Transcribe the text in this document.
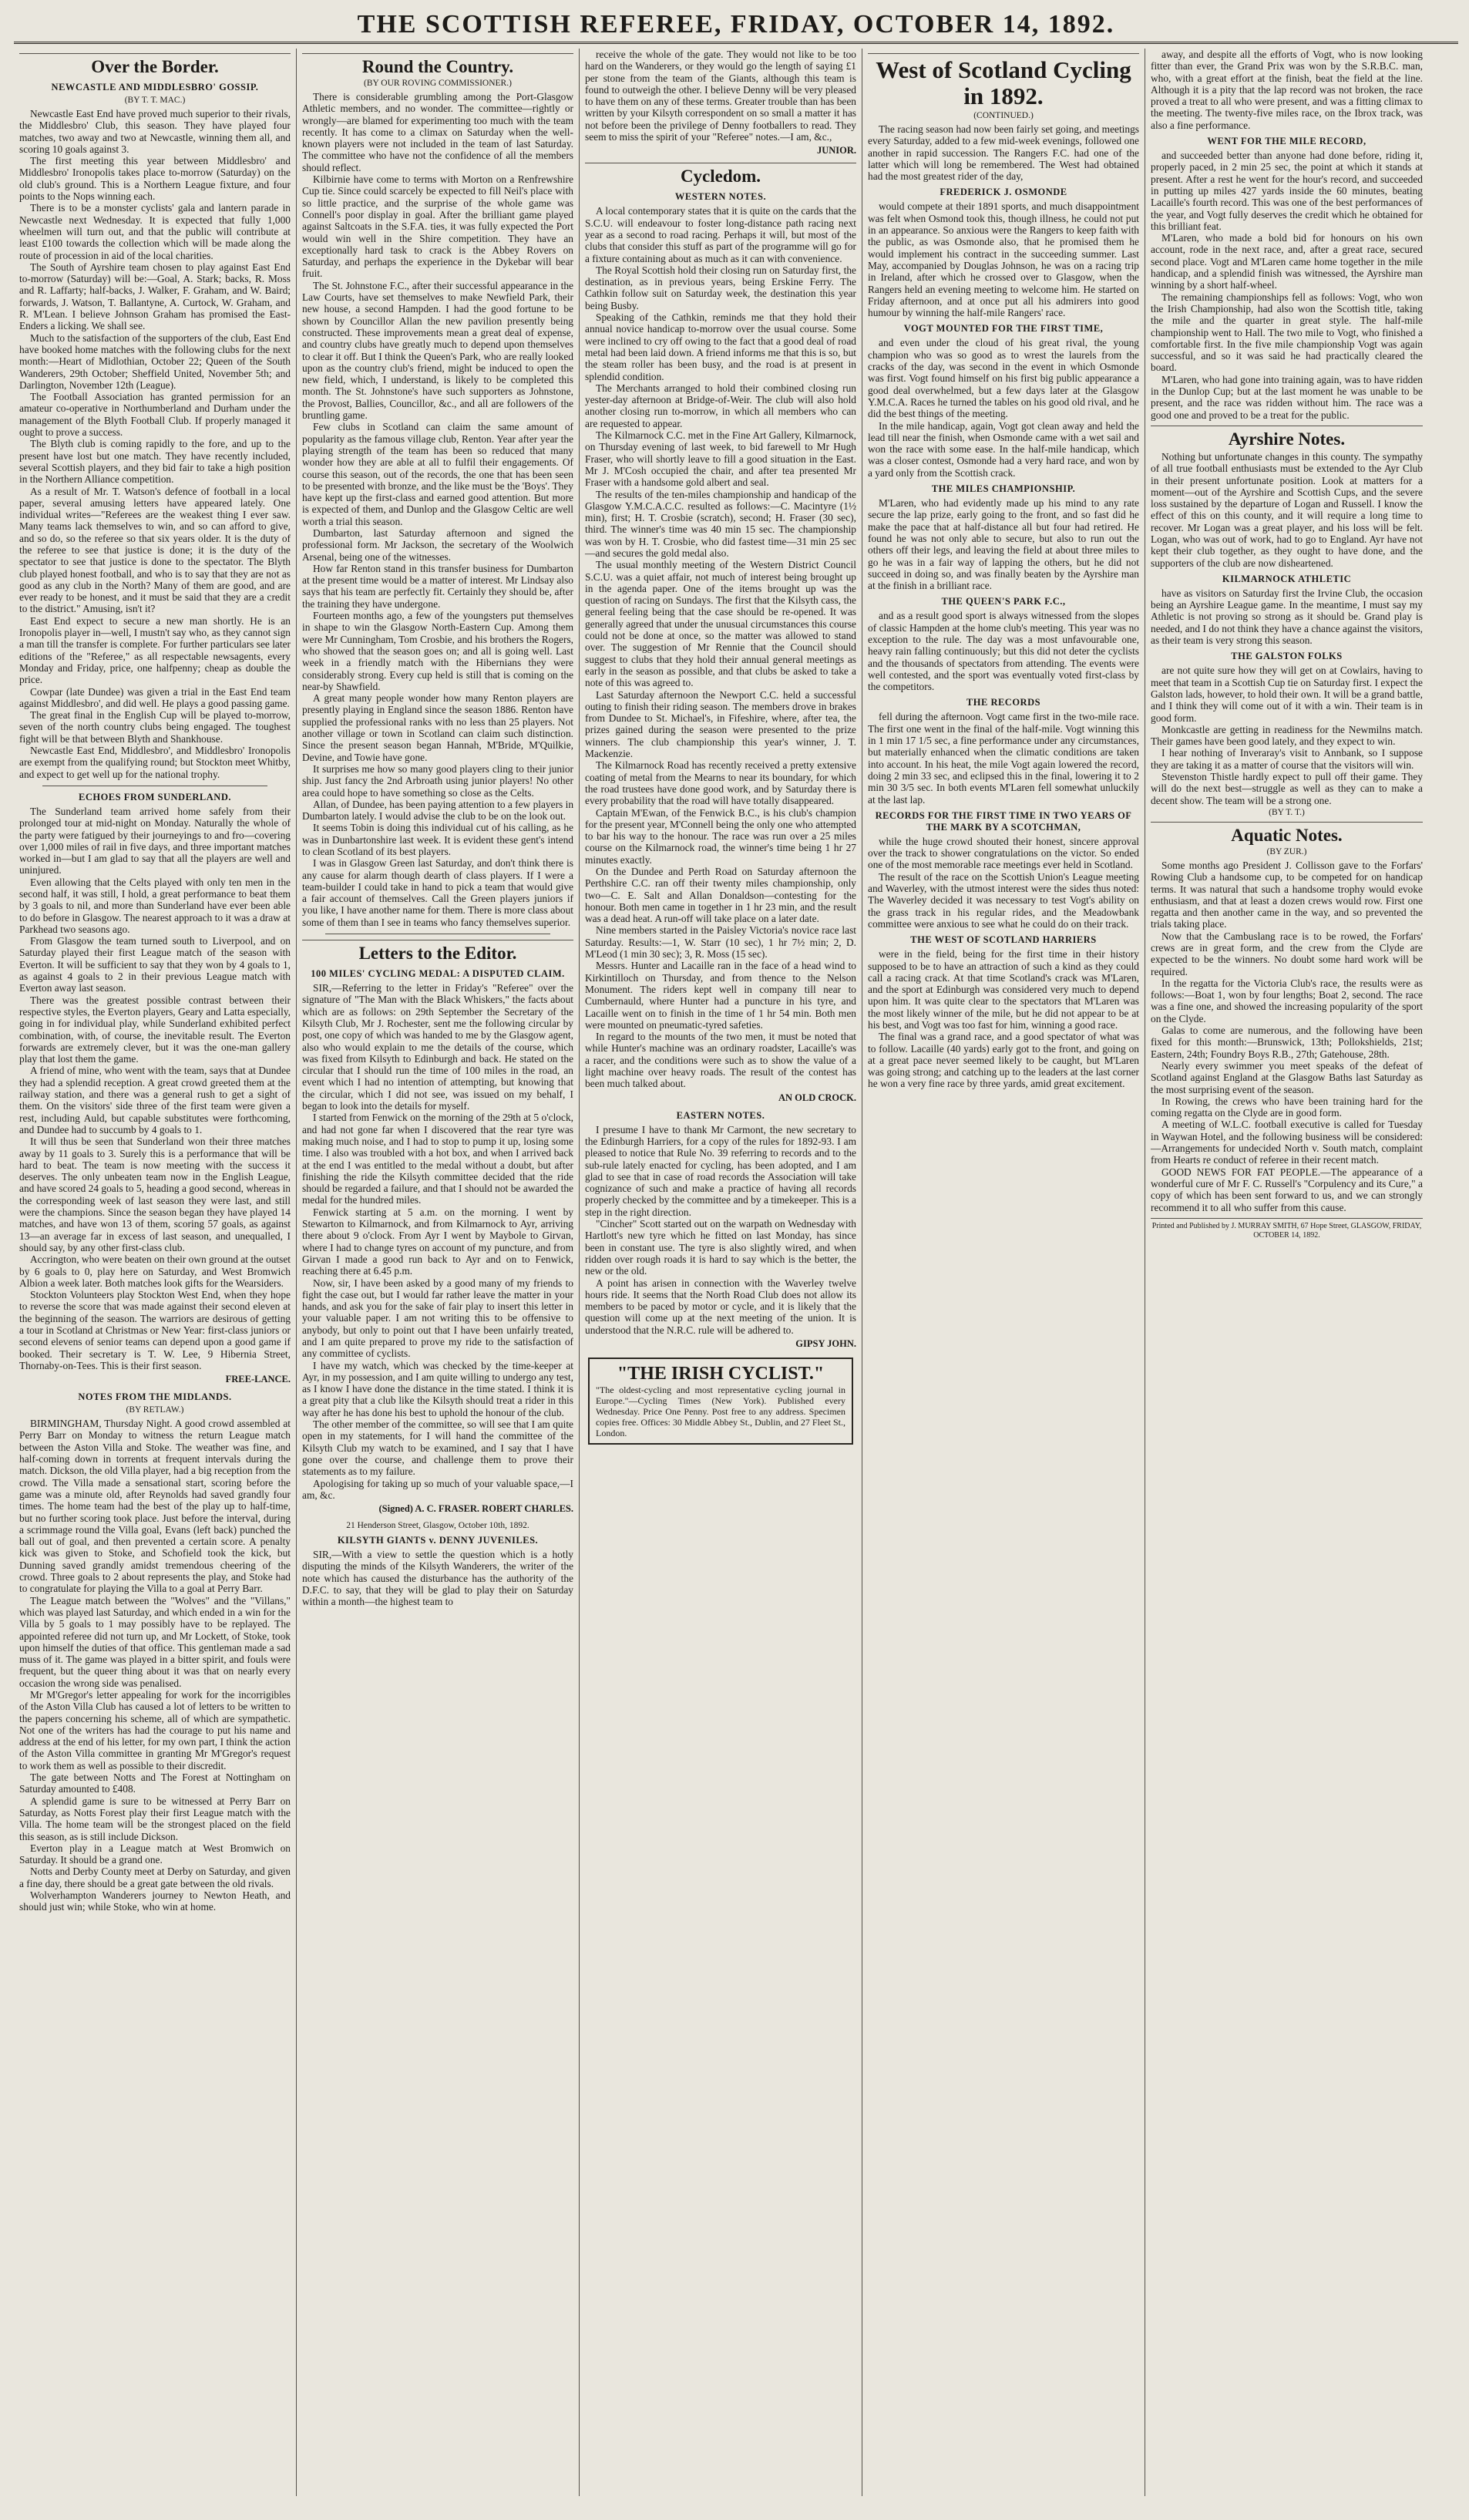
THE SCOTTISH REFEREE, FRIDAY, OCTOBER 14, 1892.
Over the Border.
NEWCASTLE AND MIDDLESBRO' GOSSIP.
(BY T. T. MAC.)

Newcastle East End have proved much superior to their rivals, the Middlesbro' Club, this season. They have played four matches, two away and two at Newcastle, winning them all, and scoring 10 goals against 3.

The first meeting this year between Middlesbro' and Middlesbro' Ironopolis takes place to-morrow (Saturday) on the old club's ground. This is a Northern League fixture, and four points to the Nops winning each.

There is to be a monster cyclists' gala and lantern parade in Newcastle next Wednesday. It is expected that fully 1,000 wheelmen will turn out, and that the public will contribute at least £100 towards the collection which will be made along the route of procession in aid of the local charities.

The South of Ayrshire team chosen to play against East End to-morrow (Saturday) will be:—Goal, A. Stark; backs, R. Moss and R. Laffarty; half-backs, J. Walker, F. Graham, and W. Baird; forwards, J. Watson, T. Ballantyne, A. Curtock, W. Graham, and R. M'Lean. I believe Johnson Graham has promised the East-Enders a licking. We shall see.

Much to the satisfaction of the supporters of the club, East End have booked home matches with the following clubs for the next month:—Heart of Midlothian, October 22; Queen of the South Wanderers, 29th October; Sheffield United, November 5th; and Darlington, November 12th (League).

The Football Association has granted permission for an amateur co-operative in Northumberland and Durham under the management of the Blyth Football Club. If properly managed it ought to prove a success.

The Blyth club is coming rapidly to the fore, and up to the present have lost but one match. They have recently included, several Scottish players, and they bid fair to take a high position in the Northern Alliance competition.

As a result of Mr. T. Watson's defence of football in a local paper, several amusing letters have appeared lately. One individual writes—"Referees are the weakest thing I ever saw. Many teams lack themselves to win, and so can afford to give, and so do, so the referee so that six years older. It is the duty of the referee to see that justice is done; it is the duty of the spectator to see that justice is done to the spectator. The Blyth club played honest football, and who is to say that they are not as good as any club in the North? Many of them are good, and are ever ready to be honest, and it must be said that they are a credit to the district." Amusing, isn't it?

East End expect to secure a new man shortly. He is an Ironopolis player in—well, I mustn't say who, as they cannot sign a man till the transfer is complete. For further particulars see later editions of the "Referee," as all respectable newsagents, every Monday and Friday, price, one halfpenny; cheap as double the price.

Cowpar (late Dundee) was given a trial in the East End team against Middlesbro', and did well. He plays a good passing game.

The great final in the English Cup will be played to-morrow, seven of the north country clubs being engaged. The toughest fight will be that between Blyth and Shankhouse.

Newcastle East End, Middlesbro', and Middlesbro' Ironopolis are exempt from the qualifying round; but Stockton meet Whitby, and expect to get well up for the national trophy.

ECHOES FROM SUNDERLAND.

The Sunderland team arrived home safely from their prolonged tour at mid-night on Monday. Naturally the whole of the party were fatigued by their journeyings to and fro—covering over 1,000 miles of rail in five days, and three important matches worked in—but I am glad to say that all the players are well and uninjured.

Even allowing that the Celts played with only ten men in the second half, it was still, I hold, a great performance to beat them by 3 goals to nil, and more than Sunderland have ever been able to do before in Glasgow. The nearest approach to it was a draw at Parkhead two seasons ago.

From Glasgow the team turned south to Liverpool, and on Saturday played their first League match of the season with Everton. It will be sufficient to say that they won by 4 goals to 1, as against 4 goals to 2 in their previous League match with Everton away last season.

There was the greatest possible contrast between their respective styles, the Everton players, Geary and Latta especially, going in for individual play, while Sunderland exhibited perfect combination, with, of course, the inevitable result. The Everton forwards are extremely clever, but it was the one-man gallery play that lost them the game.

A friend of mine, who went with the team, says that at Dundee they had a splendid reception. A great crowd greeted them at the railway station, and there was a general rush to get a sight of them. On the visitors' side three of the first team were given a rest, including Auld, but capable substitutes were forthcoming, and Dundee had to succumb by 4 goals to 1.

It will thus be seen that Sunderland won their three matches away by 11 goals to 3. Surely this is a performance that will be hard to beat. The team is now meeting with the success it deserves. The only unbeaten team now in the English League, and have scored 24 goals to 5, heading a good second, whereas in the corresponding week of last season they were last, and still were the champions. Since the season began they have played 14 matches, and have won 13 of them, scoring 57 goals, as against 13—an average far in excess of last season, and unequalled, I should say, by any other first-class club.

Accrington, who were beaten on their own ground at the outset by 6 goals to 0, play here on Saturday, and West Bromwich Albion a week later. Both matches look gifts for the Wearsiders.

Stockton Volunteers play Stockton West End, when they hope to reverse the score that was made against their second eleven at the beginning of the season. The warriors are desirous of getting a tour in Scotland at Christmas or New Year: first-class juniors or second elevens of senior teams can depend upon a good game if booked. Their secretary is T. W. Lee, 9 Hibernia Street, Thornaby-on-Tees. This is their first season.

FREE-LANCE.
NOTES FROM THE MIDLANDS.
(BY RETLAW.)

BIRMINGHAM, Thursday Night. A good crowd assembled at Perry Barr on Monday to witness the return League match between the Aston Villa and Stoke. The weather was fine, and half-coming down in torrents at frequent intervals during the match. Dickson, the old Villa player, had a big reception from the crowd. The Villa made a sensational start, scoring before the game was a minute old, after Reynolds had saved grandly four times. The home team had the best of the play up to half-time, but no further scoring took place. Just before the interval, during a scrimmage round the Villa goal, Evans (left back) punched the ball out of goal, and then prevented a certain score. A penalty kick was given to Stoke, and Schofield took the kick, but Dunning saved grandly amidst tremendous cheering of the crowd. Three goals to 2 about represents the play, and Stoke had to congratulate for playing the Villa to a goal at Perry Barr.

The League match between the "Wolves" and the "Villans," which was played last Saturday, and which ended in a win for the Villa by 5 goals to 1 may possibly have to be replayed. The appointed referee did not turn up, and Mr Lockett, of Stoke, took upon himself the duties of that office. This gentleman made a sad muss of it. The game was played in a bitter spirit, and fouls were frequent, but the queer thing about it was that on nearly every occasion the wrong side was penalised.

Mr M'Gregor's letter appealing for work for the incorrigibles of the Aston Villa Club has caused a lot of letters to be written to the papers concerning his scheme, all of which are sympathetic. Not one of the writers has had the courage to put his name and address at the end of his letter, for my own part, I think the action of the Aston Villa committee in granting Mr M'Gregor's request to work them as well as possible to their discredit.

The gate between Notts and The Forest at Nottingham on Saturday amounted to £408.

A splendid game is sure to be witnessed at Perry Barr on Saturday, as Notts Forest play their first League match with the Villa. The home team will be the strongest placed on the field this season, as is still include Dickson.

Everton play in a League match at West Bromwich on Saturday. It should be a grand one.

Notts and Derby County meet at Derby on Saturday, and given a fine day, there should be a great gate between the old rivals.

Wolverhampton Wanderers journey to Newton Heath, and should just win; while Stoke, who win at home.

Round the Country.
(BY OUR ROVING COMMISSIONER.)

There is considerable grumbling among the Port-Glasgow Athletic members, and no wonder. The committee—rightly or wrongly—are blamed for experimenting too much with the team recently. It has come to a climax on Saturday when the well-known players were not included in the team of last Saturday. The committee who have not the confidence of all the members should reflect.

Kilbirnie have come to terms with Morton on a Renfrewshire Cup tie. Since could scarcely be expected to fill Neil's place with so little practice, and the surprise of the whole game was Connell's poor display in goal. After the brilliant game played against Saltcoats in the S.F.A. ties, it was fully expected the Port would win well in the Shire competition. They have an exceptionally hard task to crack is the Abbey Rovers on Saturday, and perhaps the experience in the Dykebar will bear fruit.

The St. Johnstone F.C., after their successful appearance in the Law Courts, have set themselves to make Newfield Park, their new house, a second Hampden. I had the good fortune to be shown by Councillor Allan the new pavilion presently being constructed. These improvements mean a great deal of expense, and country clubs have greatly much to depend upon themselves to clear it off. But I think the Queen's Park, who are really looked upon as the country club's friend, might be induced to open the new field, which, I understand, is likely to be completed this month. The St. Johnstone's have such supporters as Johnstone, the Provost, Ballies, Councillor, &c., and all are followers of the bruntling game.

Few clubs in Scotland can claim the same amount of popularity as the famous village club, Renton. Year after year the playing strength of the team has been so reduced that many wonder how they are able at all to fulfil their engagements. Of course this season, out of the records, the one that has been seen to be presented with bronze, and the like must be the 'Boys'. They have kept up the first-class and earned good attention. But more is expected of them, and Dunlop and the Glasgow Celtic are well worth a trial this season.

Dumbarton, last Saturday afternoon and signed the professional form. Mr Jackson, the secretary of the Woolwich Arsenal, being one of the witnesses.

How far Renton stand in this transfer business for Dumbarton at the present time would be a matter of interest. Mr Lindsay also says that his team are perfectly fit. Certainly they should be, after the training they have undergone.

Fourteen months ago, a few of the youngsters put themselves in shape to win the Glasgow North-Eastern Cup. Among them were Mr Cunningham, Tom Crosbie, and his brothers the Rogers, who showed that the season goes on; and all is going well. Last week in a friendly match with the Hibernians they were considerably strong. Every cup held is still that is coming on the near-by Shawfield.

A great many people wonder how many Renton players are presently playing in England since the season 1886. Renton have supplied the professional ranks with no less than 25 players. Not another village or town in Scotland can claim such distinction. Since the present season began Hannah, M'Bride, M'Quilkie, Devine, and Towie have gone.

It surprises me how so many good players cling to their junior ship. Just fancy the 2nd Arbroath using junior players! No other area could hope to have something so close as the Celts.

Allan, of Dundee, has been paying attention to a few players in Dumbarton lately. I would advise the club to be on the look out.

It seems Tobin is doing this individual cut of his calling, as he was in Dunbartonshire last week. It is evident these gent's intend to clean Scotland of its best players.

I was in Glasgow Green last Saturday, and don't think there is any cause for alarm though dearth of class players. If I were a team-builder I could take in hand to pick a team that would give a fair account of themselves. Call the Green players juniors if you like, I have another name for them. There is more class about some of them than I see in teams who fancy themselves superior.

Letters to the Editor.
100 MILES' CYCLING MEDAL: A DISPUTED CLAIM.

SIR,—Referring to the letter in Friday's "Referee" over the signature of "The Man with the Black Whiskers," the facts about which are as follows: on 29th September the Secretary of the Kilsyth Club, Mr J. Rochester, sent me the following circular by post, one copy of which was handed to me by the Glasgow agent, also who would explain to me the details of the course, which was fixed from Kilsyth to Edinburgh and back. He stated on the circular that I should run the time of 100 miles in the road, an event which I had no intention of attempting, but knowing that the circular, which I did not see, was issued on my behalf, I began to look into the details for myself.

I started from Fenwick on the morning of the 29th at 5 o'clock, and had not gone far when I discovered that the rear tyre was making much noise, and I had to stop to pump it up, losing some time. I also was troubled with a hot box, and when I arrived back at the end I was entitled to the medal without a doubt, but after finishing the ride the Kilsyth committee decided that the ride should be regarded a failure, and that I should not be awarded the medal for the hundred miles.

Fenwick starting at 5 a.m. on the morning. I went by Stewarton to Kilmarnock, and from Kilmarnock to Ayr, arriving there about 9 o'clock. From Ayr I went by Maybole to Girvan, where I had to change tyres on account of my puncture, and from Girvan I made a good run back to Ayr and on to Fenwick, reaching there at 6.45 p.m.

Now, sir, I have been asked by a good many of my friends to fight the case out, but I would far rather leave the matter in your hands, and ask you for the sake of fair play to insert this letter in your valuable paper. I am not writing this to be offensive to anybody, but only to point out that I have been unfairly treated, and I am quite prepared to prove my ride to the satisfaction of any committee of cyclists.

I have my watch, which was checked by the time-keeper at Ayr, in my possession, and I am quite willing to undergo any test, as I know I have done the distance in the time stated. I think it is a great pity that a club like the Kilsyth should treat a rider in this way after he has done his best to uphold the honour of the club.

The other member of the committee, so will see that I am quite open in my statements, for I will hand the committee of the Kilsyth Club my watch to be examined, and I say that I have gone over the course, and challenge them to prove their statements as to my failure.

Apologising for taking up so much of your valuable space,—I am, &c.

(Signed) A. C. FRASER. ROBERT CHARLES.
21 Henderson Street, Glasgow, October 10th, 1892.
KILSYTH GIANTS v. DENNY JUVENILES.

SIR,—With a view to settle the question which is a hotly disputing the minds of the Kilsyth Wanderers, the writer of the note which has caused the disturbance has the authority of the D.F.C. to say, that they will be glad to play their on Saturday within a month—the highest team to

receive the whole of the gate. They would not like to be too hard on the Wanderers, or they would go the length of saying £1 per stone from the team of the Giants, although this team is found to outweigh the other. I believe Denny will be very pleased to have them on any of these terms. Greater trouble than has been written by your Kilsyth correspondent on so small a matter it has not before been the privilege of Denny footballers to read. They seem to miss the spirit of your "Referee" notes.—I am, &c.,

JUNIOR.
Cycledom.
WESTERN NOTES.

A local contemporary states that it is quite on the cards that the S.C.U. will endeavour to foster long-distance path racing next year as a second to road racing. Perhaps it will, but most of the clubs that consider this stuff as part of the programme will go for a fixture containing about as much as it can with convenience.

The Royal Scottish hold their closing run on Saturday first, the destination, as in previous years, being Erskine Ferry. The Cathkin follow suit on Saturday week, the destination this year being Busby.

Speaking of the Cathkin, reminds me that they hold their annual novice handicap to-morrow over the usual course. Some were inclined to cry off owing to the fact that a good deal of road metal had been laid down. A friend informs me that this is so, but the steam roller has been busy, and the road is at present in splendid condition.

The Merchants arranged to hold their combined closing run yester-day afternoon at Bridge-of-Weir. The club will also hold another closing run to-morrow, in which all members who can are requested to appear.

The Kilmarnock C.C. met in the Fine Art Gallery, Kilmarnock, on Thursday evening of last week, to bid farewell to Mr Hugh Fraser, who will shortly leave to fill a good situation in the East. Mr J. M'Cosh occupied the chair, and after tea presented Mr Fraser with a handsome gold albert and seal.

The results of the ten-miles championship and handicap of the Glasgow Y.M.C.A.C.C. resulted as follows:—C. Macintyre (1½ min), first; H. T. Crosbie (scratch), second; H. Fraser (30 sec), third. The winner's time was 40 min 15 sec. The championship was won by H. T. Crosbie, who did fastest time—31 min 25 sec—and secures the gold medal also.

The usual monthly meeting of the Western District Council S.C.U. was a quiet affair, not much of interest being brought up in the agenda paper. One of the items brought up was the question of racing on Sundays. The first that the Kilsyth cass, the general feeling being that the case should be re-opened. It was generally agreed that under the unusual circumstances this course could not be done at once, so the matter was allowed to stand over. The suggestion of Mr Rennie that the Council should suggest to clubs that they hold their annual general meetings as early in the season as possible, and that clubs be asked to take a note of this was agreed to.

Last Saturday afternoon the Newport C.C. held a successful outing to finish their riding season. The members drove in brakes from Dundee to St. Michael's, in Fifeshire, where, after tea, the prizes gained during the season were presented to the prize winners. The club championship this year's winner, J. T. Mackenzie.

The Kilmarnock Road has recently received a pretty extensive coating of metal from the Mearns to near its boundary, for which the road trustees have done good work, and by Saturday there is every probability that the road will have totally disappeared.

Captain M'Ewan, of the Fenwick B.C., is his club's champion for the present year, M'Connell being the only one who attempted to bar his way to the honour. The race was run over a 25 miles course on the Kilmarnock road, the winner's time being 1 hr 27 minutes exactly.

On the Dundee and Perth Road on Saturday afternoon the Perthshire C.C. ran off their twenty miles championship, only two—C. E. Salt and Allan Donaldson—contesting for the honour. Both men came in together in 1 hr 23 min, and the result was a dead heat. A run-off will take place on a later date.

Nine members started in the Paisley Victoria's novice race last Saturday. Results:—1, W. Starr (10 sec), 1 hr 7½ min; 2, D. M'Leod (1 min 30 sec); 3, R. Moss (15 sec).

Messrs. Hunter and Lacaille ran in the face of a head wind to Kirkintilloch on Thursday, and from thence to the Nelson Monument. The riders kept well in company till near to Cumbernauld, where Hunter had a puncture in his tyre, and Lacaille went on to finish in the time of 1 hr 54 min. Both men were mounted on pneumatic-tyred safeties.

In regard to the mounts of the two men, it must be noted that while Hunter's machine was an ordinary roadster, Lacaille's was a racer, and the conditions were such as to show the value of a light machine over heavy roads. The result of the contest has been much talked about.

AN OLD CROCK.
EASTERN NOTES.

I presume I have to thank Mr Carmont, the new secretary to the Edinburgh Harriers, for a copy of the rules for 1892-93. I am pleased to notice that Rule No. 39 referring to records and to the sub-rule lately enacted for cycling, has been adopted, and I am glad to see that in case of road records the Association will take cognizance of such and make a practice of having all records properly checked by the committee and by a timekeeper. This is a step in the right direction.

"Cincher" Scott started out on the warpath on Wednesday with Hartlott's new tyre which he fitted on last Monday, has since been in constant use. The tyre is also slightly wired, and when ridden over rough roads it is hard to say which is the better, the new or the old.

A point has arisen in connection with the Waverley twelve hours ride. It seems that the North Road Club does not allow its members to be paced by motor or cycle, and it is likely that the question will come up at the next meeting of the union. It is understood that the N.R.C. rule will be adhered to.

GIPSY JOHN.
"THE IRISH CYCLIST."
"The oldest-cycling and most representative cycling journal in Europe."—Cycling Times (New York). Published every Wednesday. Price One Penny. Post free to any address. Specimen copies free. Offices: 30 Middle Abbey St., Dublin, and 27 Fleet St., London.
West of Scotland Cycling in 1892.
(CONTINUED.)

The racing season had now been fairly set going, and meetings every Saturday, added to a few mid-week evenings, followed one another in rapid succession. The Rangers F.C. had one of the latter which will long be remembered. The West had obtained had the most greatest rider of the day,

FREDERICK J. OSMONDE

would compete at their 1891 sports, and much disappointment was felt when Osmond took this, though illness, he could not put in an appearance. So anxious were the Rangers to keep faith with the public, as was Osmonde also, that he promised them he would implement his contract in the succeeding summer. Last May, accompanied by Douglas Johnson, he was on a racing trip in Ireland, after which he crossed over to Glasgow, when the Rangers held an evening meeting to welcome him. He started on Friday afternoon, and at once put all his admirers into good humour by winning the half-mile Rangers' race.

VOGT MOUNTED FOR THE FIRST TIME,

and even under the cloud of his great rival, the young champion who was so good as to wrest the laurels from the cracks of the day, was second in the event in which Osmonde was first. Vogt found himself on his first big public appearance a good deal overwhelmed, but a few days later at the Glasgow Y.M.C.A. Races he turned the tables on his good old rival, and he did the best things of the meeting.

In the mile handicap, again, Vogt got clean away and held the lead till near the finish, when Osmonde came with a wet sail and won the race with some ease. In the half-mile handicap, which was a closer contest, Osmonde had a very hard race, and won by a yard only from the Scottish crack.

THE MILES CHAMPIONSHIP.

M'Laren, who had evidently made up his mind to any rate secure the lap prize, early going to the front, and so fast did he make the pace that at half-distance all but four had retired. He found he was not only able to secure, but also to run out the others off their legs, and leaving the field at about three miles to go he was in a fair way of lapping the others, but he did not succeed in doing so, and was finally beaten by the Ayrshire man at the finish in a brilliant race.

THE QUEEN'S PARK F.C.,

and as a result good sport is always witnessed from the slopes of classic Hampden at the home club's meeting. This year was no exception to the rule. The day was a most unfavourable one, heavy rain falling continuously; but this did not deter the cyclists and the thousands of spectators from attending. The events were well contested, and the sport was eventually voted first-class by the competitors.

THE RECORDS

fell during the afternoon. Vogt came first in the two-mile race. The first one went in the final of the half-mile. Vogt winning this in 1 min 17 1/5 sec, a fine performance under any circumstances, but materially enhanced when the climatic conditions are taken into account. In his heat, the mile Vogt again lowered the record, doing 2 min 33 sec, and eclipsed this in the final, lowering it to 2 min 30 3/5 sec. In both events M'Laren fell somewhat unluckily at the last lap.

RECORDS FOR THE FIRST TIME IN TWO YEARS OF THE MARK BY A SCOTCHMAN,

while the huge crowd shouted their honest, sincere approval over the track to shower congratulations on the victor. So ended one of the most memorable race meetings ever held in Scotland.

The result of the race on the Scottish Union's League meeting and Waverley, with the utmost interest were the sides thus noted: The Waverley decided it was necessary to test Vogt's ability on the grass track in his regular rides, and the Meadowbank committee were anxious to see what he could do on their track.

THE WEST OF SCOTLAND HARRIERS

were in the field, being for the first time in their history supposed to be to have an attraction of such a kind as they could call a racing crack. At that time Scotland's crack was M'Laren, and the sport at Edinburgh was considered very much to depend upon him. It was quite clear to the spectators that M'Laren was the most likely winner of the mile, but he did not appear to be at his best, and Vogt was too fast for him, winning a good race.

The final was a grand race, and a good spectator of what was to follow. Lacaille (40 yards) early got to the front, and going on at a great pace never seemed likely to be caught, but M'Laren was going strong; and catching up to the leaders at the last corner he won a very fine race by three yards, amid great excitement.

away, and despite all the efforts of Vogt, who is now looking fitter than ever, the Grand Prix was won by the S.R.B.C. man, who, with a great effort at the finish, beat the field at the line. Although it is a pity that the lap record was not broken, the race proved a treat to all who were present, and was a fitting climax to the meeting. The twenty-five miles race, on the Ibrox track, was also a fine performance.

WENT FOR THE MILE RECORD,

and succeeded better than anyone had done before, riding it, properly paced, in 2 min 25 sec, the point at which it stands at present. After a rest he went for the hour's record, and succeeded in putting up miles 427 yards inside the 60 minutes, beating Lacaille's fourth record. This was one of the best performances of the year, and Vogt fully deserves the credit which he obtained for this brilliant feat.

M'Laren, who made a bold bid for honours on his own account, rode in the next race, and, after a great race, secured second place. Vogt and M'Laren came home together in the mile handicap, and a splendid finish was witnessed, the Ayrshire man winning by a short half-wheel.

The remaining championships fell as follows: Vogt, who won the Irish Championship, had also won the Scottish title, taking the mile and the quarter in great style. The half-mile championship went to Hall. The two mile to Vogt, who finished a comfortable first. In the five mile championship Vogt was again successful, and so it was said he had practically cleared the board.

M'Laren, who had gone into training again, was to have ridden in the Dunlop Cup; but at the last moment he was unable to be present, and the race was ridden without him. The race was a good one and proved to be a treat for the public.

Ayrshire Notes.

Nothing but unfortunate changes in this county. The sympathy of all true football enthusiasts must be extended to the Ayr Club in their present unfortunate position. Look at matters for a moment—out of the Ayrshire and Scottish Cups, and the severe loss sustained by the departure of Logan and Russell. I know the effect of this on this county, and it will require a long time to recover. Mr Logan was a great player, and his loss will be felt. Logan, who was out of work, had to go to England. Ayr have not kept their club together, as they ought to have done, and the supporters of the club are now disheartened.

KILMARNOCK ATHLETIC

have as visitors on Saturday first the Irvine Club, the occasion being an Ayrshire League game. In the meantime, I must say my Athletic is not proving so strong as it should be. Grand play is needed, and I do not think they have a chance against the visitors, as their team is very strong this season.

THE GALSTON FOLKS

are not quite sure how they will get on at Cowlairs, having to meet that team in a Scottish Cup tie on Saturday first. I expect the Galston lads, however, to hold their own. It will be a grand battle, and I think they will come out of it with a win. Their team is in good form.

Monkcastle are getting in readiness for the Newmilns match. Their games have been good lately, and they expect to win.

I hear nothing of Inveraray's visit to Annbank, so I suppose they are taking it as a matter of course that the visitors will win.

Stevenston Thistle hardly expect to pull off their game. They will do the next best—struggle as well as they can to make a decent show. The team will be a strong one.

(BY T. T.)
Aquatic Notes.
(BY ZUR.)

Some months ago President J. Collisson gave to the Forfars' Rowing Club a handsome cup, to be competed for on handicap terms. It was natural that such a handsome trophy would evoke enthusiasm, and that at least a dozen crews would row. First one regatta and then another came in the way, and so prevented the trials taking place.

Now that the Cambuslang race is to be rowed, the Forfars' crews are in great form, and the crew from the Clyde are expected to be the winners. No doubt some hard work will be required.

In the regatta for the Victoria Club's race, the results were as follows:—Boat 1, won by four lengths; Boat 2, second. The race was a fine one, and showed the increasing popularity of the sport on the Clyde.

Galas to come are numerous, and the following have been fixed for this month:—Brunswick, 13th; Pollokshields, 21st; Eastern, 24th; Foundry Boys R.B., 27th; Gatehouse, 28th.

Nearly every swimmer you meet speaks of the defeat of Scotland against England at the Glasgow Baths last Saturday as the most surprising event of the season.

In Rowing, the crews who have been training hard for the coming regatta on the Clyde are in good form.

A meeting of W.L.C. football executive is called for Tuesday in Waywan Hotel, and the following business will be considered:—Arrangements for undecided North v. South match, complaint from Hearts re conduct of referee in their recent match.

GOOD NEWS FOR FAT PEOPLE.—The appearance of a wonderful cure of Mr F. C. Russell's "Corpulency and its Cure," a copy of which has been sent forward to us, and we can strongly recommend it to all who suffer from this cause.

Printed and Published by J. MURRAY SMITH, 67 Hope Street, GLASGOW, FRIDAY, OCTOBER 14, 1892.
